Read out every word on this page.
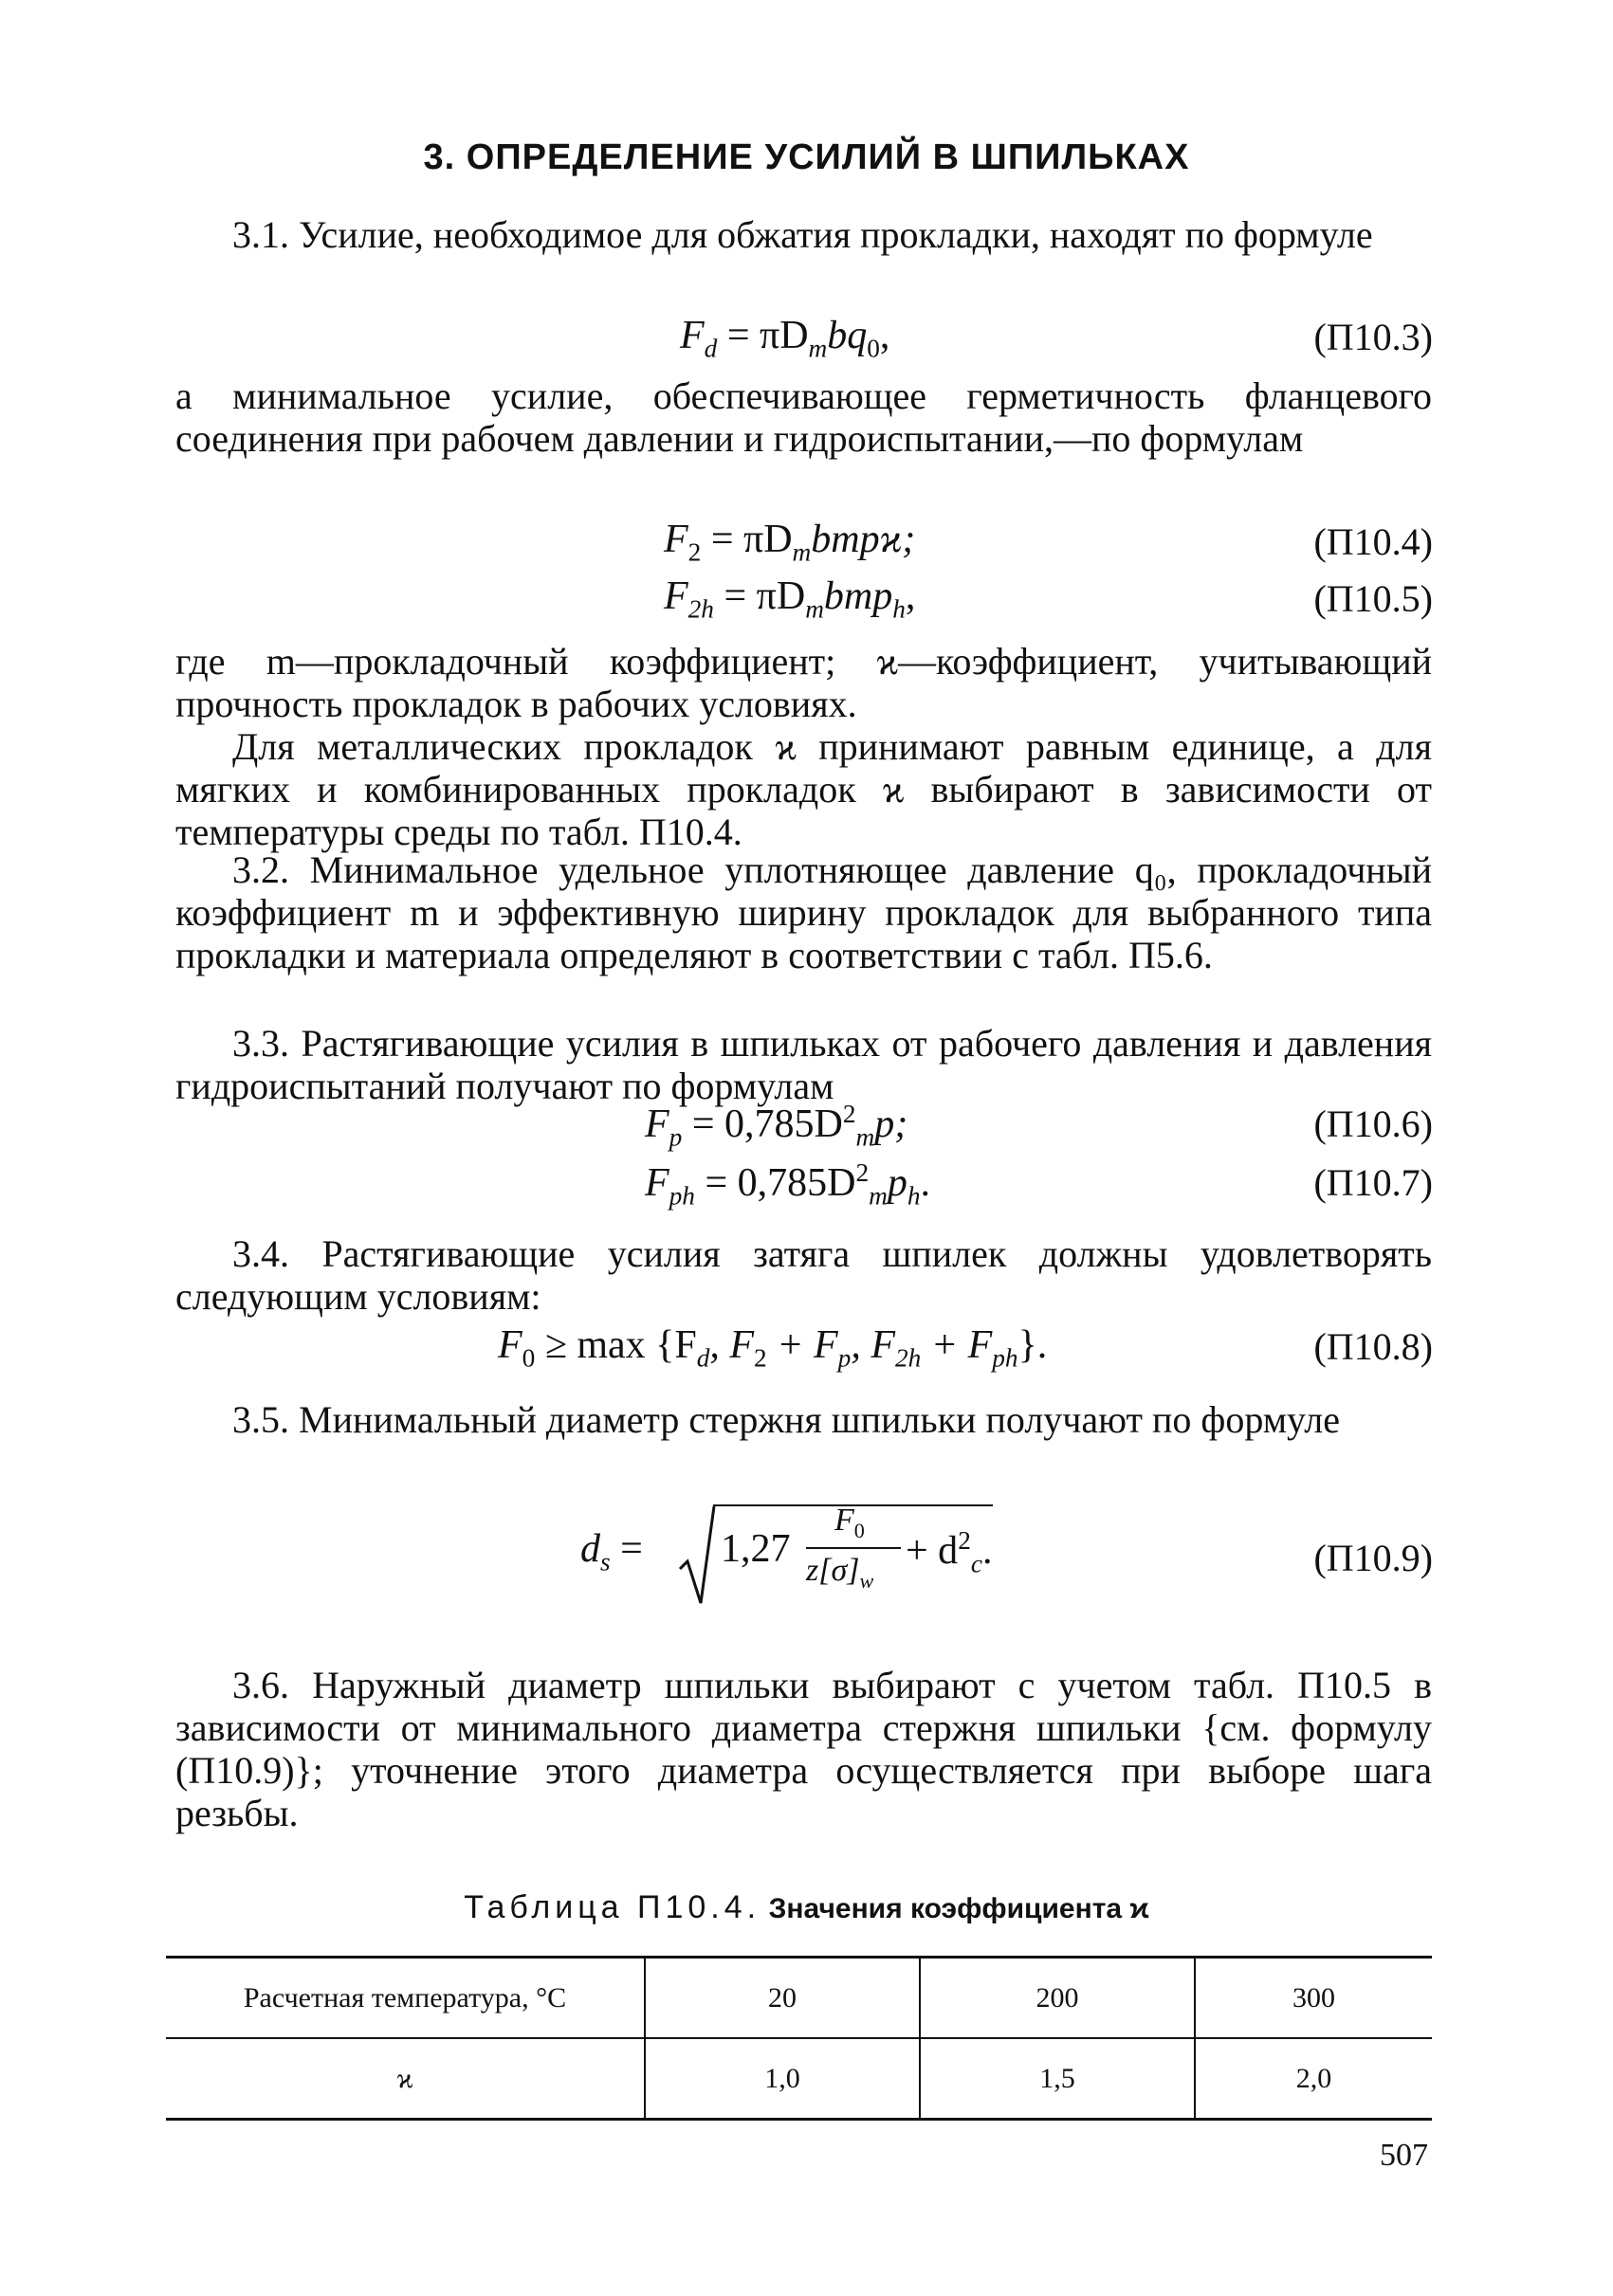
3. ОПРЕДЕЛЕНИЕ УСИЛИЙ В ШПИЛЬКАХ
3.1. Усилие, необходимое для обжатия прокладки, находят по формуле
$F_d = \pi D_mbq_0$,	(П10.3)
а минимальное усилие, обеспечивающее герметичность фланцевого соединения при рабочем давлении и гидроиспытании,—по формулам
$F_2 = \pi D_mbmpϰ$;	(П10.4)
$F_{2h} = \pi D_mbmp_h$,	(П10.5)
где m—прокладочный коэффициент; ϰ—коэффициент, учитывающий прочность прокладок в рабочих условиях.
Для металлических прокладок ϰ принимают равным единице, а для мягких и комбинированных прокладок ϰ выбирают в зависимости от температуры среды по табл. П10.4.
3.2. Минимальное удельное уплотняющее давление q₀, прокладочный коэффициент m и эффективную ширину прокладок для выбранного типа прокладки и материала определяют в соответствии с табл. П5.6.
3.3. Растягивающие усилия в шпильках от рабочего давления и давления гидроиспытаний получают по формулам
$F_p = 0,785D^2_mp$;	(П10.6)
$F_{ph} = 0,785D^2_mp_h$.	(П10.7)
3.4. Растягивающие усилия затяга шпилек должны удовлетворять следующим условиям:
$F_0 \ge \max \{F_d$, $F_2 + F_p$, $F_{2h} + F_{ph}$}.	(П10.8)
3.5. Минимальный диаметр стержня шпильки получают по формуле
$d_s = 1,27$
$F_0$
$z[\sigma]_w$
+ $d^2_c$.	(П10.9)
3.6. Наружный диаметр шпильки выбирают с учетом табл. П10.5 в зависимости от минимального диаметра стержня шпильки {см. формулу (П10.9)}; уточнение этого диаметра осуществляется при выборе шага резьбы.
Таблица П10.4. Значения коэффициента ϰ
Расчетная температура, °С	20	200	300
ϰ	1,0	1,5	2,0
507
